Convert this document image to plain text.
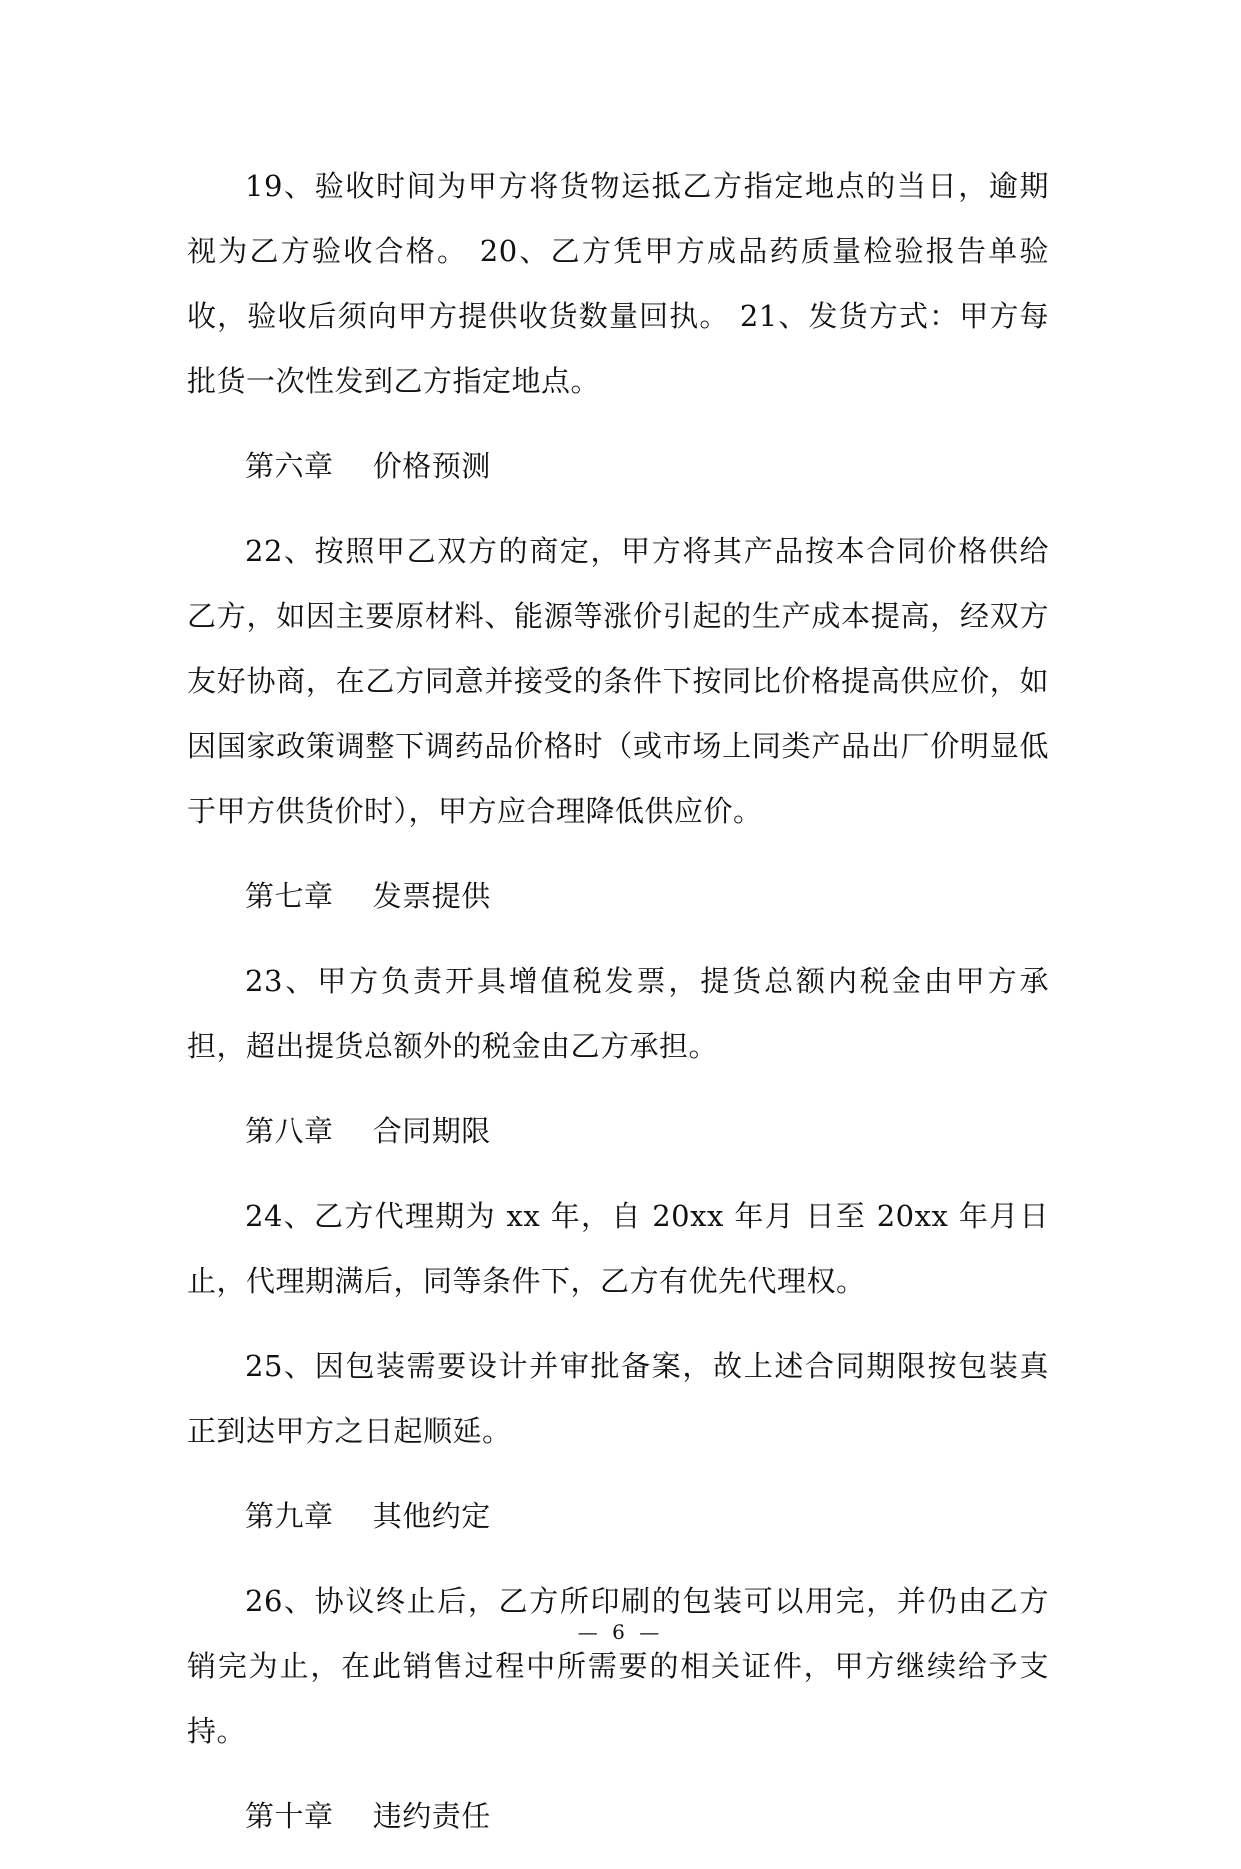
19、验收时间为甲方将货物运抵乙方指定地点的当日，逾期视为乙方验收合格。 20、乙方凭甲方成品药质量检验报告单验收，验收后须向甲方提供收货数量回执。 21、发货方式：甲方每批货一次性发到乙方指定地点。

第六章　 价格预测

22、按照甲乙双方的商定，甲方将其产品按本合同价格供给乙方，如因主要原材料、能源等涨价引起的生产成本提高，经双方友好协商，在乙方同意并接受的条件下按同比价格提高供应价，如因国家政策调整下调药品价格时（或市场上同类产品出厂价明显低于甲方供货价时），甲方应合理降低供应价。

第七章　 发票提供

23、甲方负责开具增值税发票，提货总额内税金由甲方承担，超出提货总额外的税金由乙方承担。

第八章　 合同期限

24、乙方代理期为 xx 年，自 20xx 年月 日至 20xx 年月日止，代理期满后，同等条件下，乙方有优先代理权。

25、因包装需要设计并审批备案，故上述合同期限按包装真正到达甲方之日起顺延。

第九章　 其他约定

26、协议终止后，乙方所印刷的包装可以用完，并仍由乙方销完为止，在此销售过程中所需要的相关证件，甲方继续给予支持。

第十章　 违约责任

— 6 —
